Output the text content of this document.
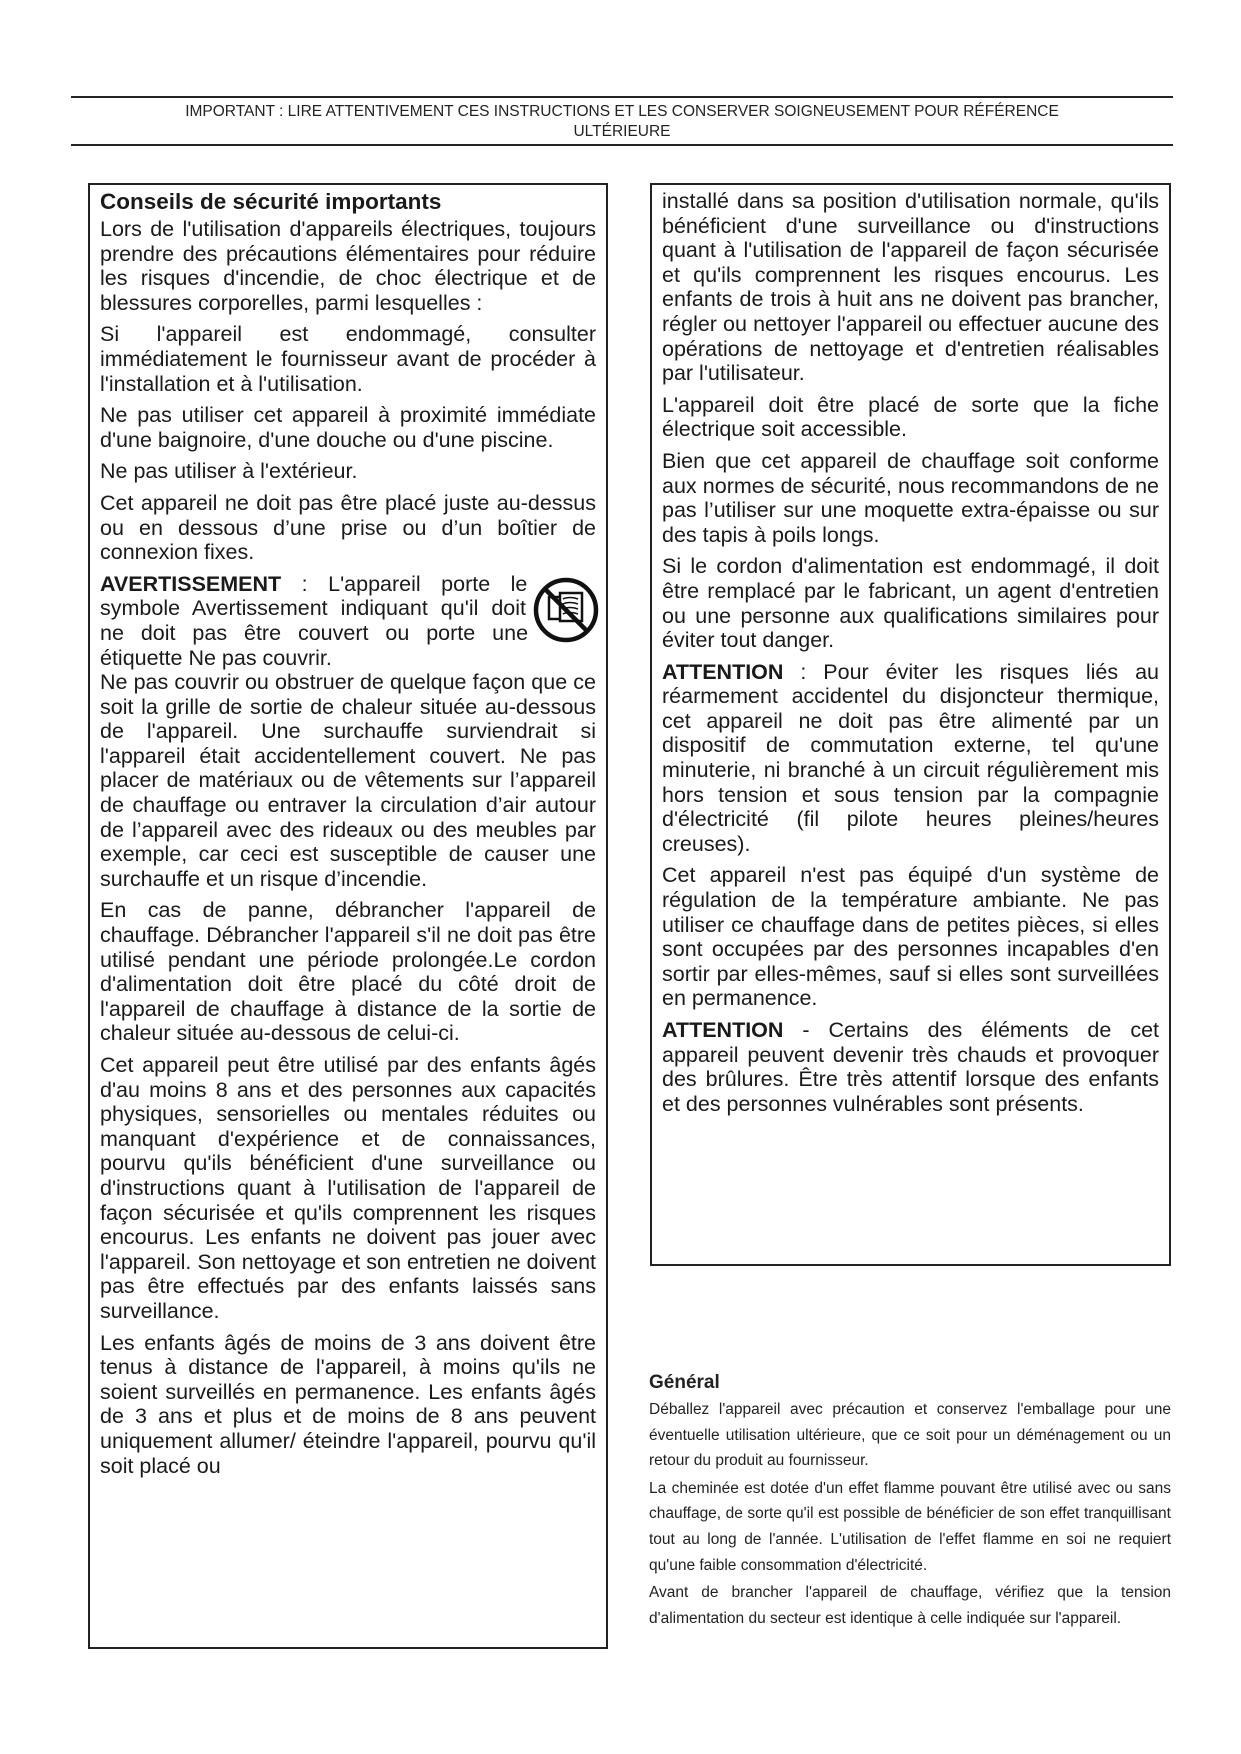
IMPORTANT : LIRE ATTENTIVEMENT CES INSTRUCTIONS ET LES CONSERVER SOIGNEUSEMENT POUR RÉFÉRENCE
ULTÉRIEURE
Conseils de sécurité importants

Lors de l'utilisation d'appareils électriques, toujours prendre des précautions élémentaires pour réduire les risques d'incendie, de choc électrique et de blessures corporelles, parmi lesquelles :

Si l'appareil est endommagé, consulter immédiatement le fournisseur avant de procéder à l'installation et à l'utilisation.

Ne pas utiliser cet appareil à proximité immédiate d'une baignoire, d'une douche ou d'une piscine.

Ne pas utiliser à l'extérieur.

Cet appareil ne doit pas être placé juste au-dessus ou en dessous d’une prise ou d’un boîtier de connexion fixes.

AVERTISSEMENT : L'appareil porte le symbole Avertissement indiquant qu'il doit ne doit pas être couvert ou porte une étiquette Ne pas couvrir.

Ne pas couvrir ou obstruer de quelque façon que ce soit la grille de sortie de chaleur située au-dessous de l'appareil. Une surchauffe surviendrait si l'appareil était accidentellement couvert. Ne pas placer de matériaux ou de vêtements sur l’appareil de chauffage ou entraver la circulation d’air autour de l’appareil avec des rideaux ou des meubles par exemple, car ceci est susceptible de causer une surchauffe et un risque d’incendie.

En cas de panne, débrancher l'appareil de chauffage. Débrancher l'appareil s'il ne doit pas être utilisé pendant une période prolongée.Le cordon d'alimentation doit être placé du côté droit de l'appareil de chauffage à distance de la sortie de chaleur située au-dessous de celui-ci.

Cet appareil peut être utilisé par des enfants âgés d'au moins 8 ans et des personnes aux capacités physiques, sensorielles ou mentales réduites ou manquant d'expérience et de connaissances, pourvu qu'ils bénéficient d'une surveillance ou d'instructions quant à l'utilisation de l'appareil de façon sécurisée et qu'ils comprennent les risques encourus. Les enfants ne doivent pas jouer avec l'appareil. Son nettoyage et son entretien ne doivent pas être effectués par des enfants laissés sans surveillance.

Les enfants âgés de moins de 3 ans doivent être tenus à distance de l'appareil, à moins qu'ils ne soient surveillés en permanence. Les enfants âgés de 3 ans et plus et de moins de 8 ans peuvent uniquement allumer/ éteindre l'appareil, pourvu qu'il soit placé ou

installé dans sa position d'utilisation normale, qu'ils bénéficient d'une surveillance ou d'instructions quant à l'utilisation de l'appareil de façon sécurisée et qu'ils comprennent les risques encourus. Les enfants de trois à huit ans ne doivent pas brancher, régler ou nettoyer l'appareil ou effectuer aucune des opérations de nettoyage et d'entretien réalisables par l'utilisateur.

L'appareil doit être placé de sorte que la fiche électrique soit accessible.

Bien que cet appareil de chauffage soit conforme aux normes de sécurité, nous recommandons de ne pas l’utiliser sur une moquette extra-épaisse ou sur des tapis à poils longs.

Si le cordon d'alimentation est endommagé, il doit être remplacé par le fabricant, un agent d'entretien ou une personne aux qualifications similaires pour éviter tout danger.

ATTENTION : Pour éviter les risques liés au réarmement accidentel du disjoncteur thermique, cet appareil ne doit pas être alimenté par un dispositif de commutation externe, tel qu'une minuterie, ni branché à un circuit régulièrement mis hors tension et sous tension par la compagnie d'électricité (fil pilote heures pleines/heures creuses).

Cet appareil n'est pas équipé d'un système de régulation de la température ambiante. Ne pas utiliser ce chauffage dans de petites pièces, si elles sont occupées par des personnes incapables d'en sortir par elles-mêmes, sauf si elles sont surveillées en permanence.

ATTENTION - Certains des éléments de cet appareil peuvent devenir très chauds et provoquer des brûlures. Être très attentif lorsque des enfants et des personnes vulnérables sont présents.

Général

Déballez l'appareil avec précaution et conservez l'emballage pour une éventuelle utilisation ultérieure, que ce soit pour un déménagement ou un retour du produit au fournisseur.

La cheminée est dotée d'un effet flamme pouvant être utilisé avec ou sans chauffage, de sorte qu'il est possible de bénéficier de son effet tranquillisant tout au long de l'année. L'utilisation de l'effet flamme en soi ne requiert qu'une faible consommation d'électricité.

Avant de brancher l'appareil de chauffage, vérifiez que la tension d'alimentation du secteur est identique à celle indiquée sur l'appareil.
